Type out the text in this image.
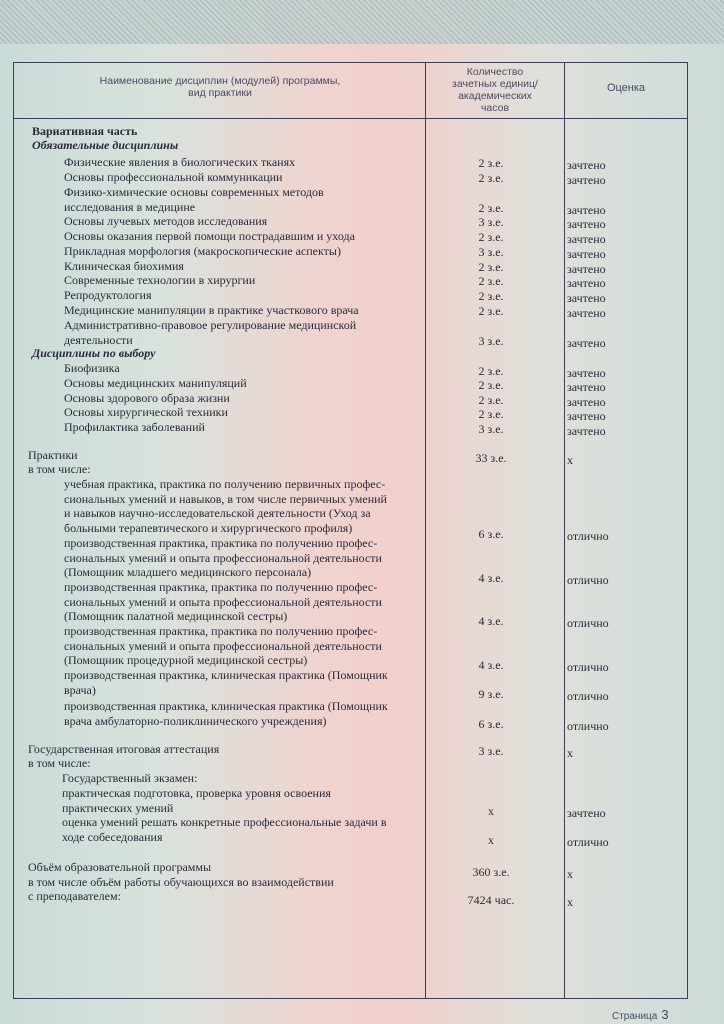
Наименование дисциплин (модулей) программы,
вид практики
Количество
зачетных единиц/
академических
часов
Оценка
Вариативная часть
Обязательные дисциплины
Физические явления в биологических тканях	2 з.е.	зачтено
Основы профессиональной коммуникации	2 з.е.	зачтено
Физико-химические основы современных методов
исследования в медицине	2 з.е.	зачтено
Основы лучевых методов исследования	3 з.е.	зачтено
Основы оказания первой помощи пострадавшим и ухода	2 з.е.	зачтено
Прикладная морфология (макроскопические аспекты)	3 з.е.	зачтено
Клиническая биохимия	2 з.е.	зачтено
Современные технологии в хирургии	2 з.е.	зачтено
Репродуктология	2 з.е.	зачтено
Медицинские манипуляции в практике участкового врача	2 з.е.	зачтено
Административно-правовое регулирование медицинской
деятельности	3 з.е.	зачтено
Дисциплины по выбору
Биофизика	2 з.е.	зачтено
Основы медицинских манипуляций	2 з.е.	зачтено
Основы здорового образа жизни	2 з.е.	зачтено
Основы хирургической техники	2 з.е.	зачтено
Профилактика заболеваний	3 з.е.	зачтено
Практики
в том числе:
33 з.е.	х
учебная практика, практика по получению первичных профес-
сиональных умений и навыков, в том числе первичных умений
и навыков научно-исследовательской деятельности (Уход за
больными терапевтического и хирургического профиля)	6 з.е.	отлично
производственная практика, практика по получению профес-
сиональных умений и опыта профессиональной деятельности
(Помощник младшего медицинского персонала)	4 з.е.	отлично
производственная практика, практика по получению профес-
сиональных умений и опыта профессиональной деятельности
(Помощник палатной медицинской сестры)	4 з.е.	отлично
производственная практика, практика по получению профес-
сиональных умений и опыта профессиональной деятельности
(Помощник процедурной медицинской сестры)	4 з.е.	отлично
производственная практика, клиническая практика (Помощник
врача)	9 з.е.	отлично
производственная практика, клиническая практика (Помощник
врача амбулаторно-поликлинического учреждения)	6 з.е.	отлично
Государственная итоговая аттестация
в том числе:
3 з.е.	х
Государственный экзамен:
практическая подготовка, проверка уровня освоения
практических умений	х	зачтено
оценка умений решать конкретные профессиональные задачи в
ходе собеседования	х	отлично
Объём образовательной программы
в том числе объём работы обучающихся во взаимодействии
с преподавателем:
360 з.е.	х
7424 час.	х
Страница 3
